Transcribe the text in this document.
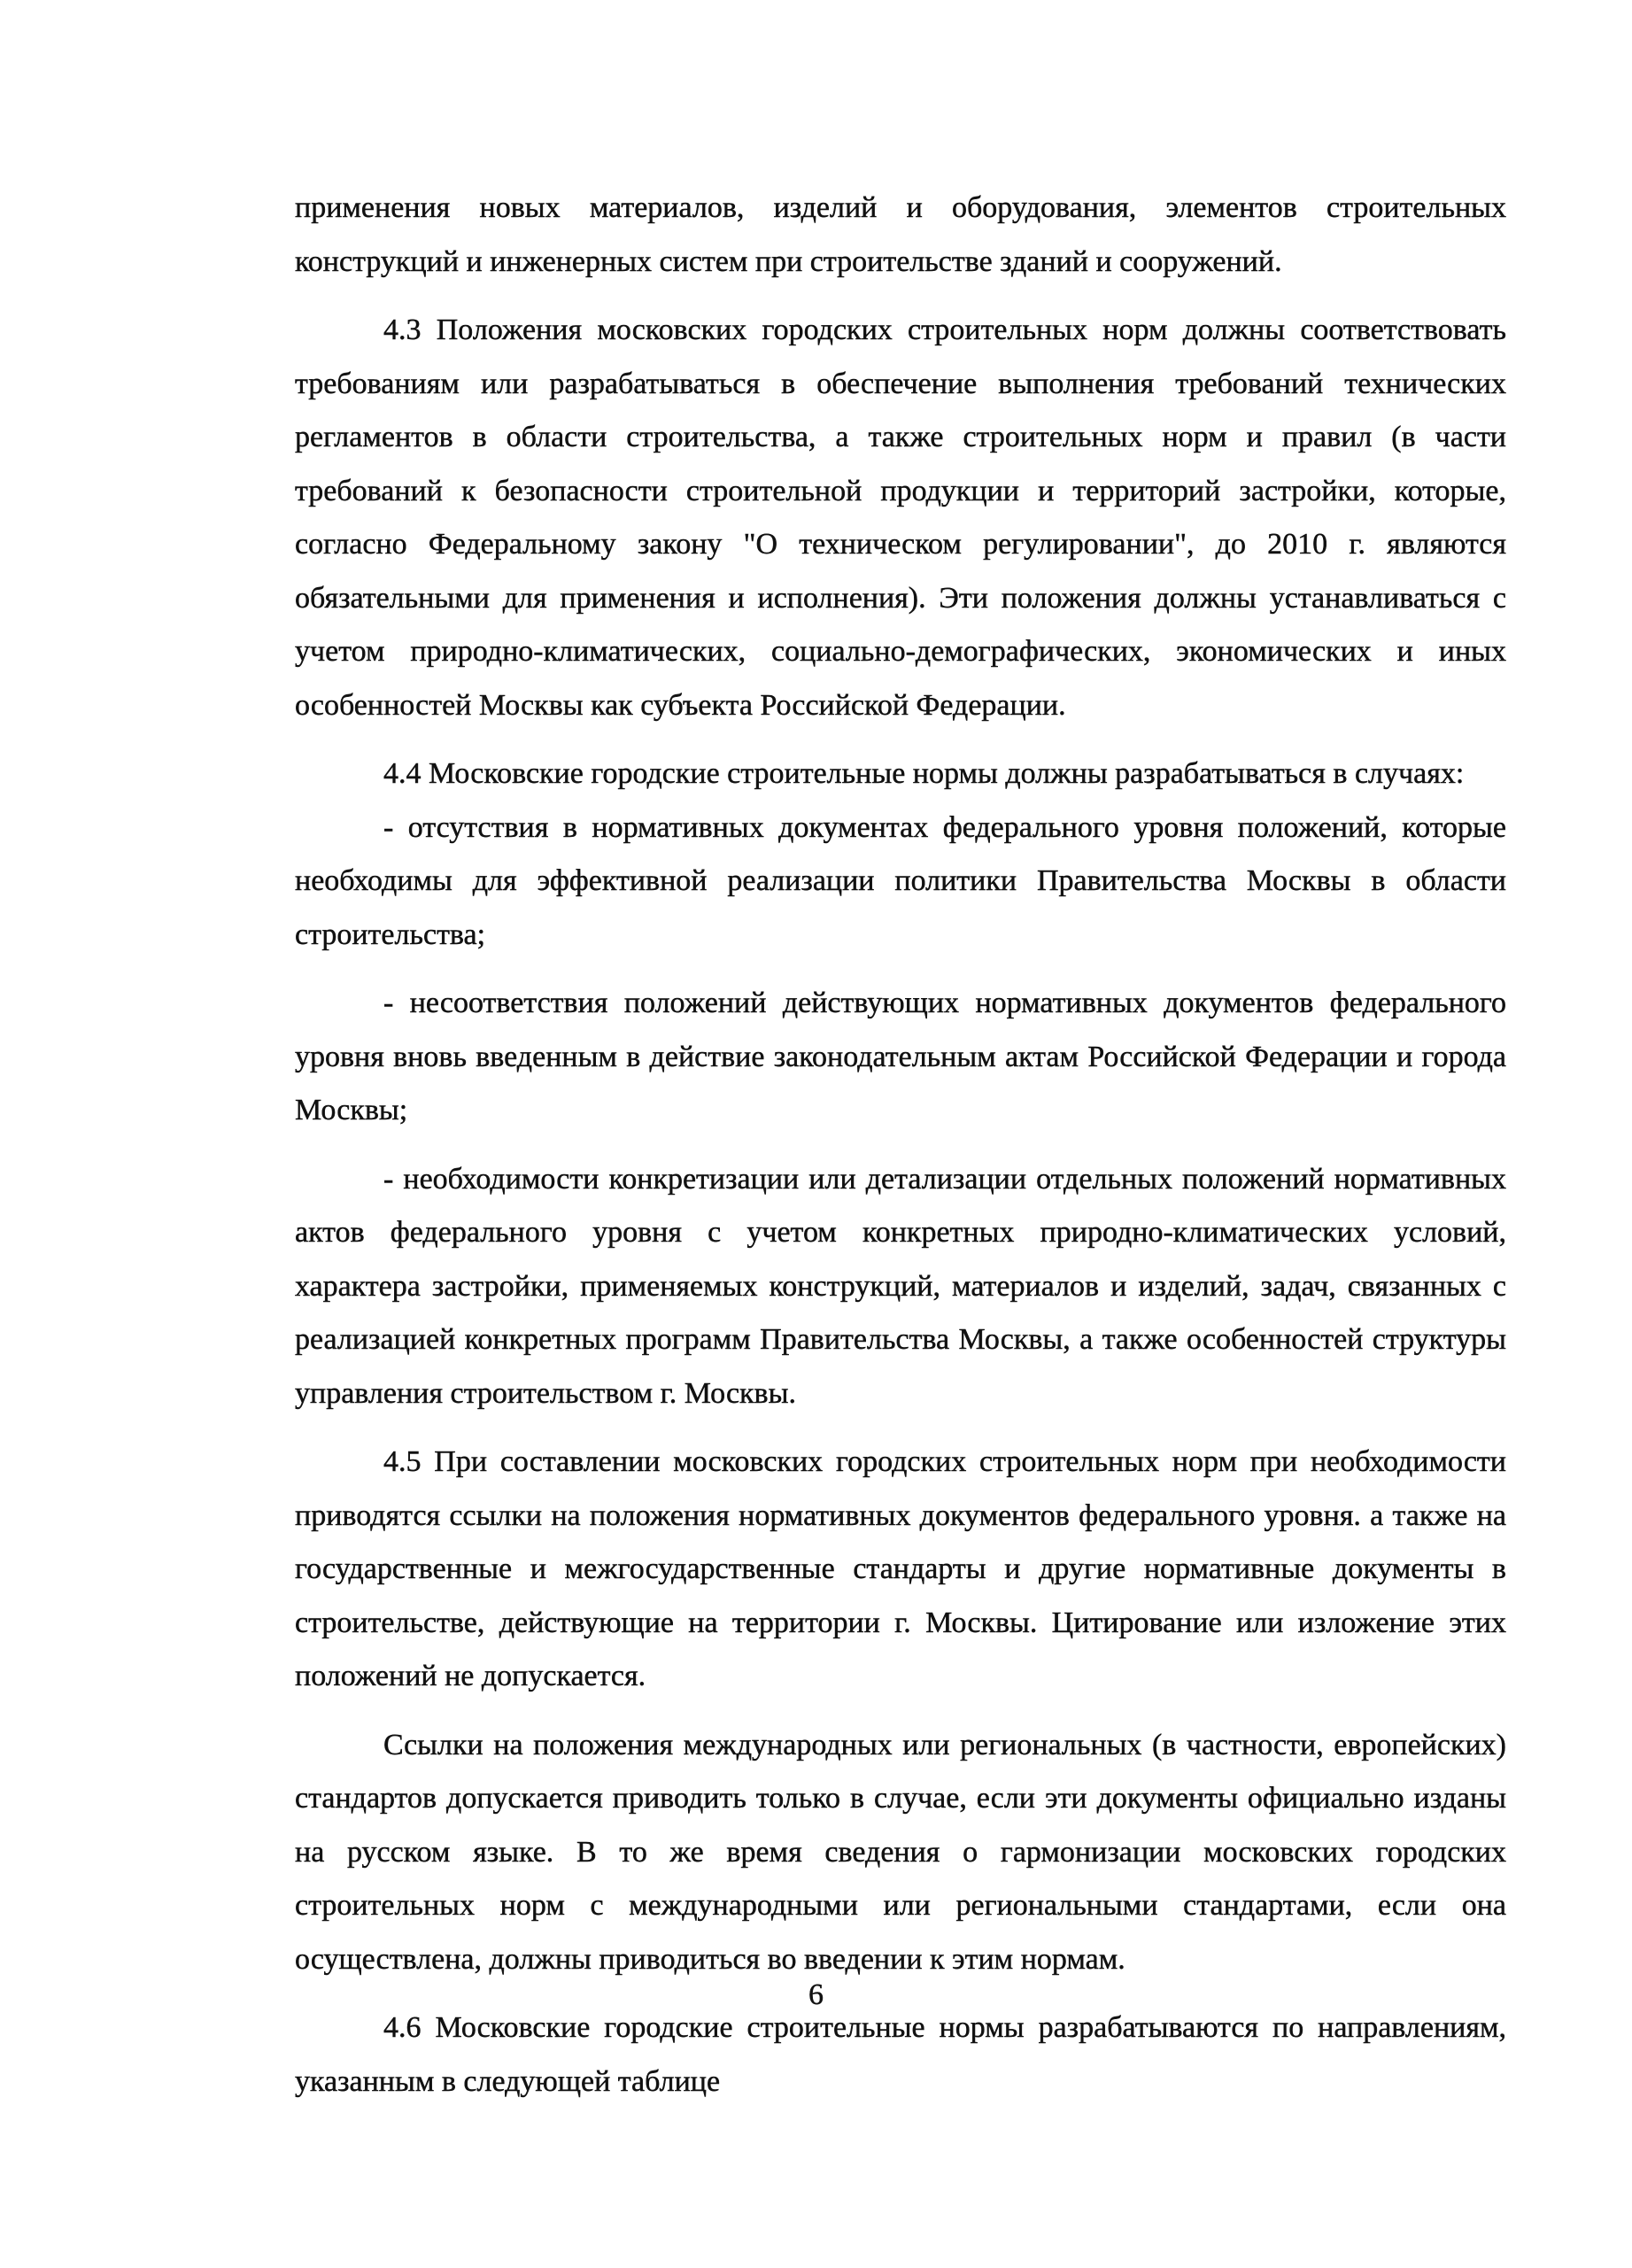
применения новых материалов, изделий и оборудования, элементов строительных конструкций и инженерных систем при строительстве зданий и сооружений.

4.3 Положения московских городских строительных норм должны соответствовать требованиям или разрабатываться в обеспечение выполнения требований технических регламентов в области строительства, а также строительных норм и правил (в части требований к безопасности строительной продукции и территорий застройки, которые, согласно Федеральному закону "О техническом регулировании", до 2010 г. являются обязательными для применения и исполнения). Эти положения должны устанавливаться с учетом природно-климатических, социально-демографических, экономических и иных особенностей Москвы как субъекта Российской Федерации.

4.4 Московские городские строительные нормы должны разрабатываться в случаях:

- отсутствия в нормативных документах федерального уровня положений, которые необходимы для эффективной реализации политики Правительства Москвы в области строительства;

- несоответствия положений действующих нормативных документов федерального уровня вновь введенным в действие законодательным актам Российской Федерации и города Москвы;

- необходимости конкретизации или детализации отдельных положений нормативных актов федерального уровня с учетом конкретных природно-климатических условий, характера застройки, применяемых конструкций, материалов и изделий, задач, связанных с реализацией конкретных программ Правительства Москвы, а также особенностей структуры управления строительством г. Москвы.

4.5 При составлении московских городских строительных норм при необходимости приводятся ссылки на положения нормативных документов федерального уровня. а также на государственные и межгосударственные стандарты и другие нормативные документы в строительстве, действующие на территории г. Москвы. Цитирование или изложение этих положений не допускается.

Ссылки на положения международных или региональных (в частности, европейских) стандартов допускается приводить только в случае, если эти документы официально изданы на русском языке. В то же время сведения о гармонизации московских городских строительных норм с международными или региональными стандартами, если она осуществлена, должны приводиться во введении к этим нормам.

4.6 Московские городские строительные нормы разрабатываются по направлениям, указанным в следующей таблице

6
